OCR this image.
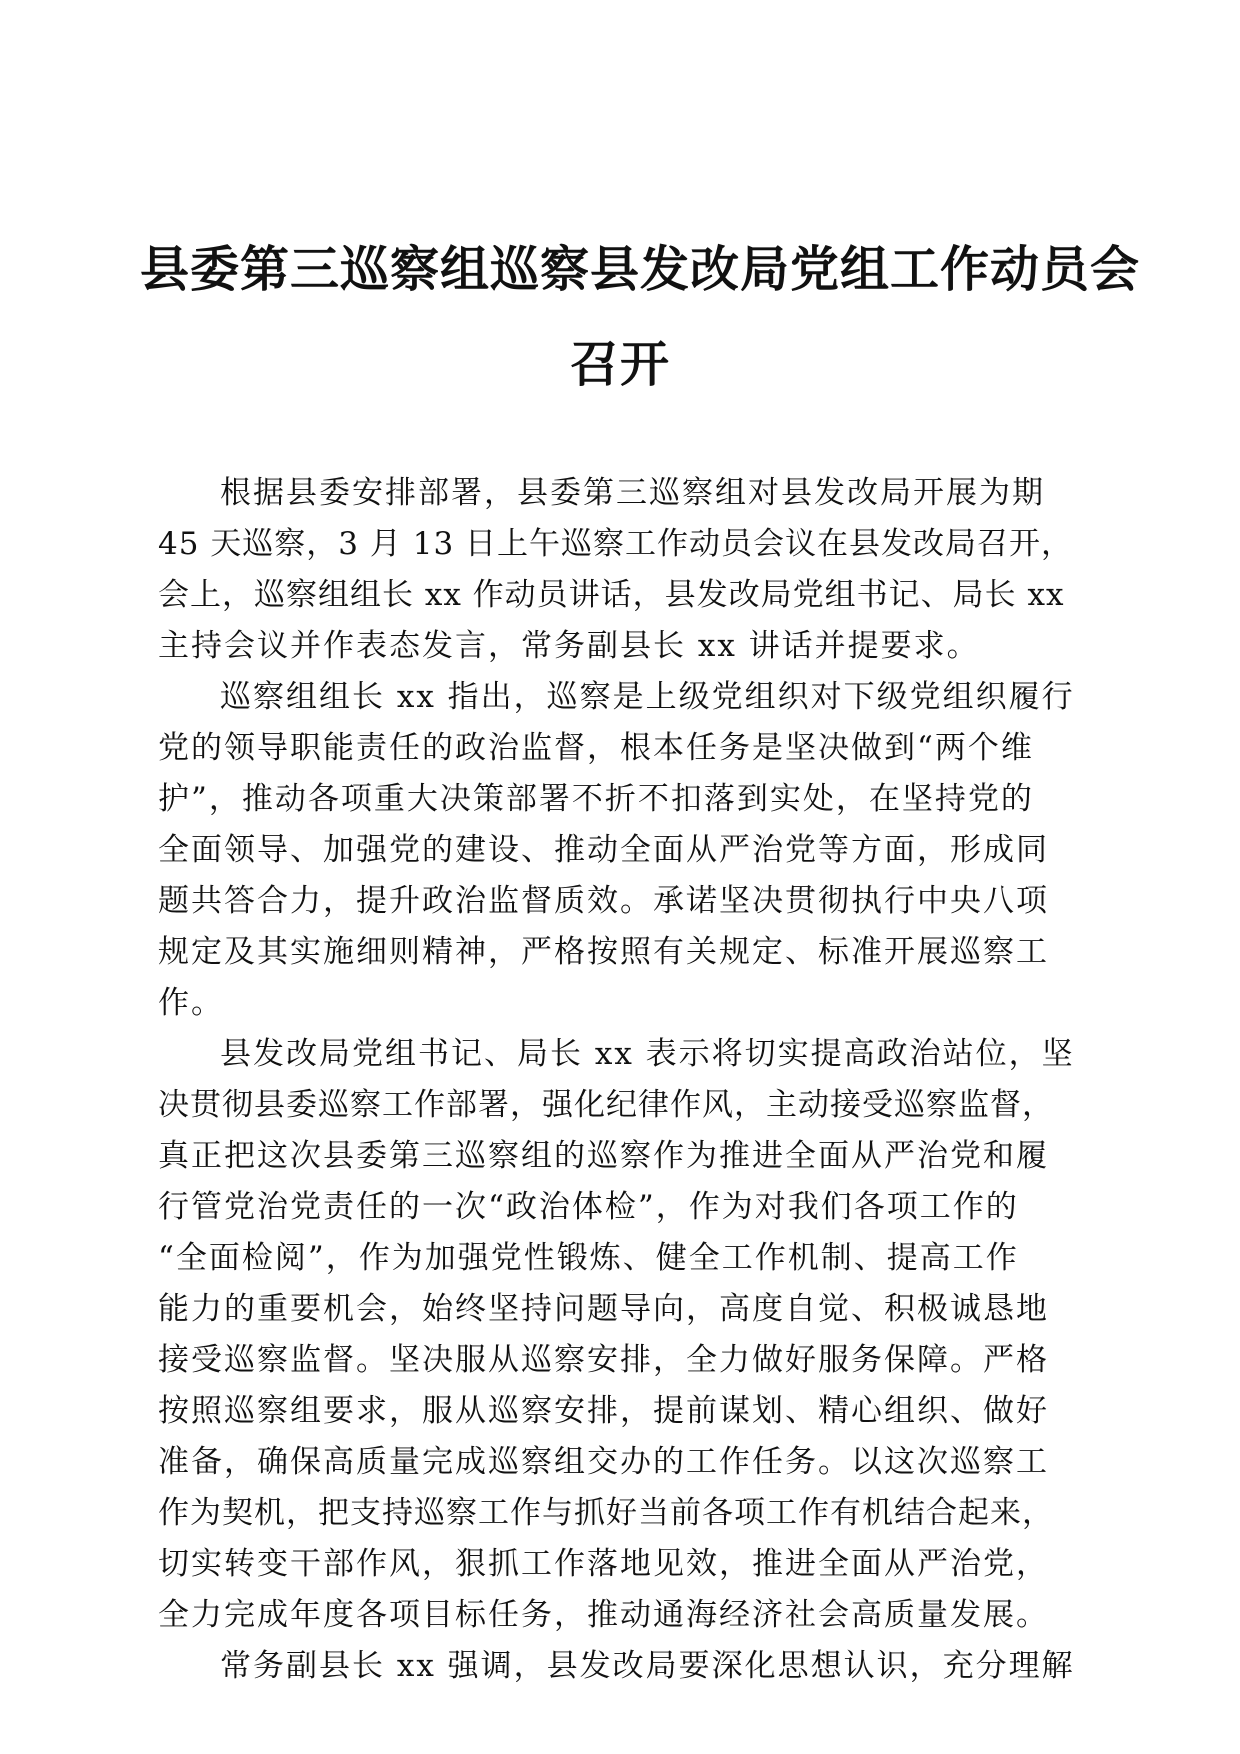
县委第三巡察组巡察县发改局党组工作动员会
召开

根据县委安排部署，县委第三巡察组对县发改局开展为期
45 天巡察，3 月 13 日上午巡察工作动员会议在县发改局召开，
会上，巡察组组长 xx 作动员讲话，县发改局党组书记、局长 xx
主持会议并作表态发言，常务副县长 xx 讲话并提要求。

巡察组组长 xx 指出，巡察是上级党组织对下级党组织履行
党的领导职能责任的政治监督，根本任务是坚决做到“两个维
护”，推动各项重大决策部署不折不扣落到实处，在坚持党的
全面领导、加强党的建设、推动全面从严治党等方面，形成同
题共答合力，提升政治监督质效。承诺坚决贯彻执行中央八项
规定及其实施细则精神，严格按照有关规定、标准开展巡察工
作。

县发改局党组书记、局长 xx 表示将切实提高政治站位，坚
决贯彻县委巡察工作部署，强化纪律作风，主动接受巡察监督，
真正把这次县委第三巡察组的巡察作为推进全面从严治党和履
行管党治党责任的一次“政治体检”，作为对我们各项工作的
“全面检阅”，作为加强党性锻炼、健全工作机制、提高工作
能力的重要机会，始终坚持问题导向，高度自觉、积极诚恳地
接受巡察监督。坚决服从巡察安排，全力做好服务保障。严格
按照巡察组要求，服从巡察安排，提前谋划、精心组织、做好
准备，确保高质量完成巡察组交办的工作任务。以这次巡察工
作为契机，把支持巡察工作与抓好当前各项工作有机结合起来，
切实转变干部作风，狠抓工作落地见效，推进全面从严治党，
全力完成年度各项目标任务，推动通海经济社会高质量发展。

常务副县长 xx 强调，县发改局要深化思想认识，充分理解
